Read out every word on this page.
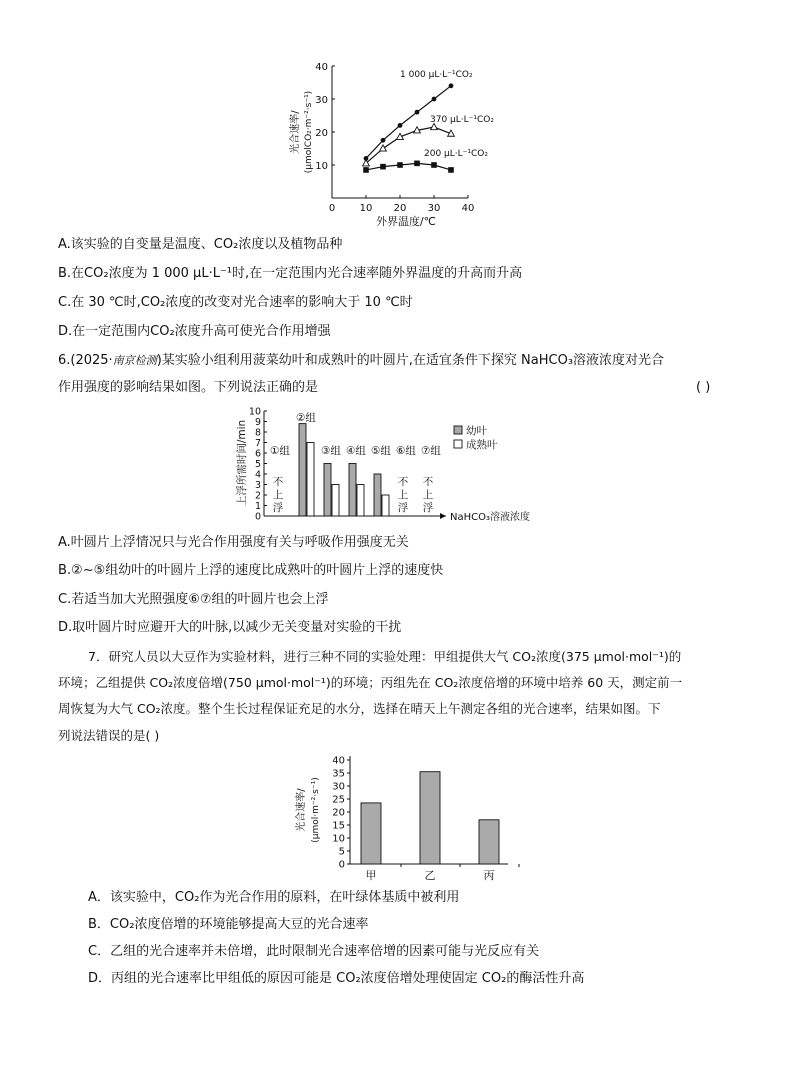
0 10 20 30 40
10
20
30
40
外界温度/℃
光合速率/ (μmolCO₂·m⁻²·s⁻¹)
1 000 μL·L⁻¹CO₂
370 μL·L⁻¹CO₂
200 μL·L⁻¹CO₂
A.该实验的自变量是温度、CO₂浓度以及植物品种
B.在CO₂浓度为 1 000 μL·L⁻¹时,在一定范围内光合速率随外界温度的升高而升高
C.在 30 ℃时,CO₂浓度的改变对光合速率的影响大于 10 ℃时
D.在一定范围内CO₂浓度升高可使光合作用增强
6.(2025·南京检测)某实验小组利用菠菜幼叶和成熟叶的叶圆片,在适宜条件下探究 NaHCO₃溶液浓度对光合
作用强度的影响结果如图。下列说法正确的是	( )
0
1
2
3
4
5
6
7
8
9
10
上浮所需时间/min
NaHCO₃溶液浓度
①组
不
上
浮
②组
③组 ④组 ⑤组 ⑥组
不
上
浮
⑦组
不
上
浮
幼叶
成熟叶
A.叶圆片上浮情况只与光合作用强度有关与呼吸作用强度无关
B.②~⑤组幼叶的叶圆片上浮的速度比成熟叶的叶圆片上浮的速度快
C.若适当加大光照强度⑥⑦组的叶圆片也会上浮
D.取叶圆片时应避开大的叶脉,以减少无关变量对实验的干扰
7．研究人员以大豆作为实验材料，进行三种不同的实验处理：甲组提供大气 CO₂浓度(375 μmol·mol⁻¹)的
环境；乙组提供 CO₂浓度倍增(750 μmol·mol⁻¹)的环境；丙组先在 CO₂浓度倍增的环境中培养 60 天，测定前一
周恢复为大气 CO₂浓度。整个生长过程保证充足的水分，选择在晴天上午测定各组的光合速率，结果如图。下
列说法错误的是( )
0
5
10
15
20
25
30
35
40
光合速率/ (μmol·m⁻²·s⁻¹)
甲	乙	丙
A．该实验中，CO₂作为光合作用的原料，在叶绿体基质中被利用
B．CO₂浓度倍增的环境能够提高大豆的光合速率
C．乙组的光合速率并未倍增，此时限制光合速率倍增的因素可能与光反应有关
D．丙组的光合速率比甲组低的原因可能是 CO₂浓度倍增处理使固定 CO₂的酶活性升高
